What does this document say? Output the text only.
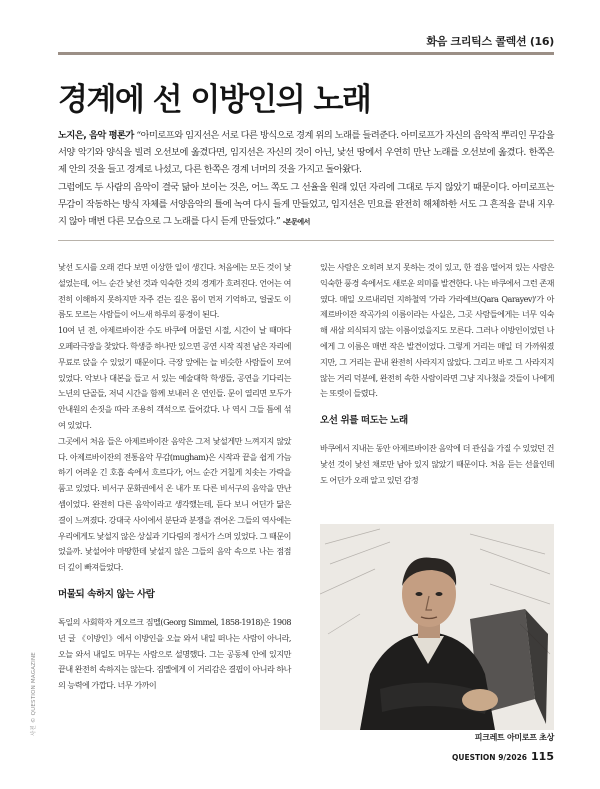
화음 크리틱스 콜렉션 (16)
경계에 선 이방인의 노래

노지은, 음악 평론가 “아미로프와 임지선은 서로 다른 방식으로 경계 위의 노래를 들려준다. 아미로프가 자신의 음악적 뿌리인 무감을 서양 악기와 양식을 빌려 오선보에 옮겼다면, 임지선은 자신의 것이 아닌, 낯선 땅에서 우연히 만난 노래를 오선보에 옮겼다. 한쪽은 제 안의 것을 들고 경계로 나섰고, 다른 한쪽은 경계 너머의 것을 가지고 돌아왔다.

그럼에도 두 사람의 음악이 결국 닮아 보이는 것은, 어느 쪽도 그 선율을 원래 있던 자리에 그대로 두지 않았기 때문이다. 아미로프는 무감이 작동하는 방식 자체를 서양음악의 틀에 녹여 다시 들게 만들었고, 임지선은 민요를 완전히 해체하한 서도 그 흔적을 끝내 지우지 않아 매번 다른 모습으로 그 노래를 다시 듣게 만들었다.” -본문에서

낯선 도시를 오래 걷다 보면 이상한 일이 생긴다. 처음에는 모든 것이 낯설었는데, 어느 순간 낯선 것과 익숙한 것의 경계가 흐려진다. 언어는 여전히 이해하지 못하지만 자주 걷는 길은 몸이 먼저 기억하고, 얼굴도 이름도 모르는 사람들이 어느새 하루의 풍경이 된다.

10여 년 전, 아제르바이잔 수도 바쿠에 머물던 시절, 시간이 날 때마다 오페라극장을 찾았다. 학생증 하나만 있으면 공연 시작 직전 남은 자리에 무료로 앉을 수 있었기 때문이다. 극장 앞에는 늘 비슷한 사람들이 모여 있었다. 악보나 대본을 들고 서 있는 예술대학 학생들, 공연을 기다리는 노년의 단골들, 저녁 시간을 함께 보내러 온 연인들. 문이 열리면 모두가 안내원의 손짓을 따라 조용히 객석으로 들어갔다. 나 역시 그들 틈에 섞여 있었다.

그곳에서 처음 들은 아제르바이잔 음악은 그저 낯설게만 느껴지지 않았다. 아제르바이잔의 전통음악 무감(mugham)은 시작과 끝을 쉽게 가늠하기 어려운 긴 호흡 속에서 흐르다가, 어느 순간 거칠게 치솟는 가락을 품고 있었다. 비서구 문화권에서 온 내가 또 다른 비서구의 음악을 만난 셈이었다. 완전히 다른 음악이라고 생각했는데, 듣다 보니 어딘가 닮은 결이 느껴졌다. 강대국 사이에서 분단과 분쟁을 겪어온 그들의 역사에는 우리에게도 낯설지 않은 상실과 기다림의 정서가 스며 있었다. 그 때문이었을까. 낯설어야 마땅한데 낯설지 않은 그들의 음악 속으로 나는 점점 더 깊이 빠져들었다.

머물되 속하지 않는 사람

독일의 사회학자 게오르크 짐멜(Georg Simmel, 1858-1918)은 1908년 글 《이방인》에서 이방인을 오늘 와서 내일 떠나는 사람이 아니라, 오늘 와서 내일도 머무는 사람으로 설명했다. 그는 공동체 안에 있지만 끝내 완전히 속하지는 않는다. 짐멜에게 이 거리감은 결핍이 아니라 하나의 능력에 가깝다. 너무 가까이

있는 사람은 오히려 보지 못하는 것이 있고, 한 걸음 떨어져 있는 사람은 익숙한 풍경 속에서도 새로운 의미를 발견한다. 나는 바쿠에서 그런 존재였다. 매일 오르내리던 지하철역 '가라 가라예브(Qara Qarayev)'가 아제르바이잔 작곡가의 이름이라는 사실은, 그곳 사람들에게는 너무 익숙해 새삼 의식되지 않는 이름이었을지도 모른다. 그러나 이방인이었던 나에게 그 이름은 매번 작은 발견이었다. 그렇게 거리는 매일 더 가까워졌지만, 그 거리는 끝내 완전히 사라지지 않았다. 그리고 바로 그 사라지지 않는 거리 덕분에, 완전히 속한 사람이라면 그냥 지나쳤을 것들이 나에게는 또렷이 들렸다.

오선 위를 떠도는 노래

바쿠에서 지내는 동안 아제르바이잔 음악에 더 관심을 가질 수 있었던 건 낯선 것이 낯선 채로만 남아 있지 않았기 때문이다. 처음 듣는 선율인데도 어딘가 오래 알고 있던 감정

피크레트 아미로프 초상
사진 © QUESTION MAGAZINE
QUESTION 9/2026 115
